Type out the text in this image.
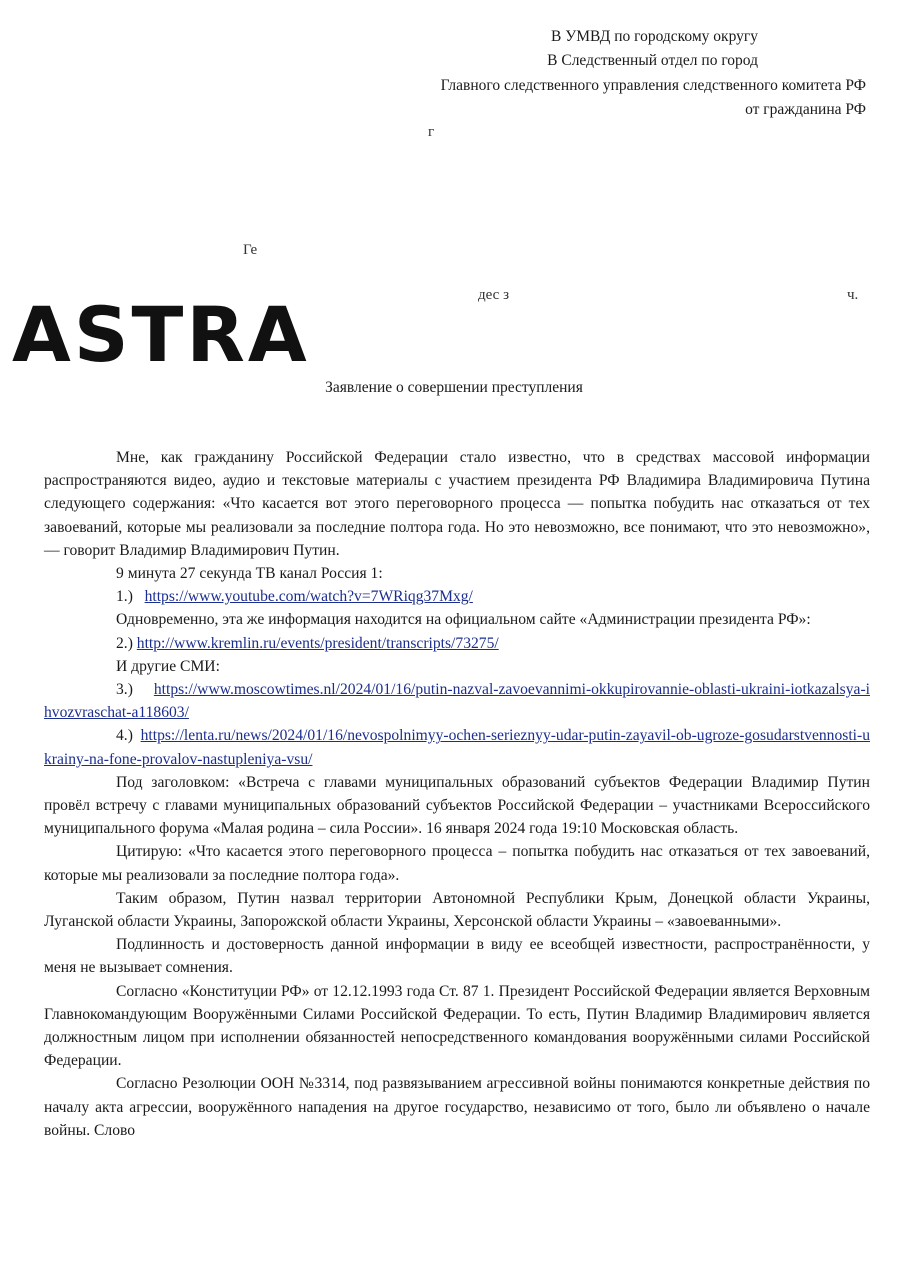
В УМВД по городскому округу
В Следственный отдел по город
Главного следственного управления следственного комитета РФ
от гражданина РФ
г
Ге
дес з	ч.
ASTRA
Заявление о совершении преступления

Мне, как гражданину Российской Федерации стало известно, что в средствах массовой информации распространяются видео, аудио и текстовые материалы с участием президента РФ Владимира Владимировича Путина следующего содержания: «Что касается вот этого переговорного процесса — попытка побудить нас отказаться от тех завоеваний, которые мы реализовали за последние полтора года. Но это невозможно, все понимают, что это невозможно», — говорит Владимир Владимирович Путин.

9 минута 27 секунда ТВ канал Россия 1:

1.) https://www.youtube.com/watch?v=7WRiqg37Mxg/

Одновременно, эта же информация находится на официальном сайте «Администрации президента РФ»:

2.) http://www.kremlin.ru/events/president/transcripts/73275/

И другие СМИ:

3.) https://www.moscowtimes.nl/2024/01/16/putin-nazval-zavoevannimi-okkupirovannie-oblasti-ukraini-iotkazalsya-ihvozvraschat-a118603/

4.) https://lenta.ru/news/2024/01/16/nevospolnimyy-ochen-serieznyy-udar-putin-zayavil-ob-ugroze-gosudarstvennosti-ukrainy-na-fone-provalov-nastupleniya-vsu/

Под заголовком: «Встреча с главами муниципальных образований субъектов Федерации Владимир Путин провёл встречу с главами муниципальных образований субъектов Российской Федерации – участниками Всероссийского муниципального форума «Малая родина – сила России». 16 января 2024 года 19:10 Московская область.

Цитирую: «Что касается этого переговорного процесса – попытка побудить нас отказаться от тех завоеваний, которые мы реализовали за последние полтора года».

Таким образом, Путин назвал территории Автономной Республики Крым, Донецкой области Украины, Луганской области Украины, Запорожской области Украины, Херсонской области Украины – «завоеванными».

Подлинность и достоверность данной информации в виду ее всеобщей известности, распространённости, у меня не вызывает сомнения.

Согласно «Конституции РФ» от 12.12.1993 года Ст. 87 1. Президент Российской Федерации является Верховным Главнокомандующим Вооружёнными Силами Российской Федерации. То есть, Путин Владимир Владимирович является должностным лицом при исполнении обязанностей непосредственного командования вооружёнными силами Российской Федерации.

Согласно Резолюции ООН №3314, под развязыванием агрессивной войны понимаются конкретные действия по началу акта агрессии, вооружённого нападения на другое государство, независимо от того, было ли объявлено о начале войны. Слово
